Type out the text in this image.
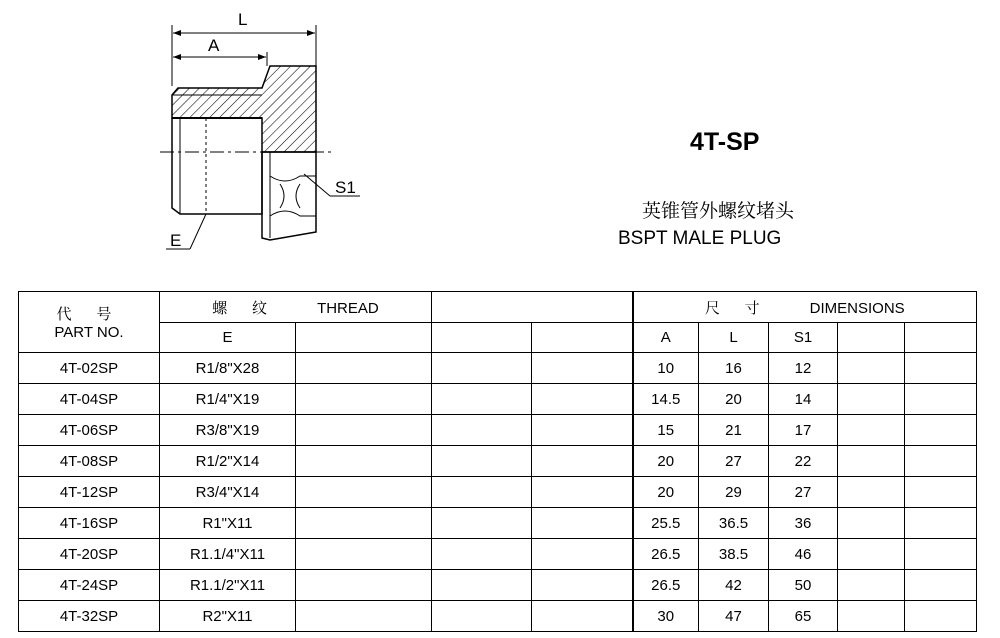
L
A
S1
E
4T-SP
英锥管外螺纹堵头
BSPT MALE PLUG
代 号
PART NO.	螺 纹 THREAD				尺 寸 DIMENSIONS				
	E				A	L	S1		
4T-02SP	R1/8"X28				10	16	12		
4T-04SP	R1/4"X19				14.5	20	14		
4T-06SP	R3/8"X19				15	21	17		
4T-08SP	R1/2"X14				20	27	22		
4T-12SP	R3/4"X14				20	29	27		
4T-16SP	R1"X11				25.5	36.5	36		
4T-20SP	R1.1/4"X11				26.5	38.5	46		
4T-24SP	R1.1/2"X11				26.5	42	50		
4T-32SP	R2"X11				30	47	65		
